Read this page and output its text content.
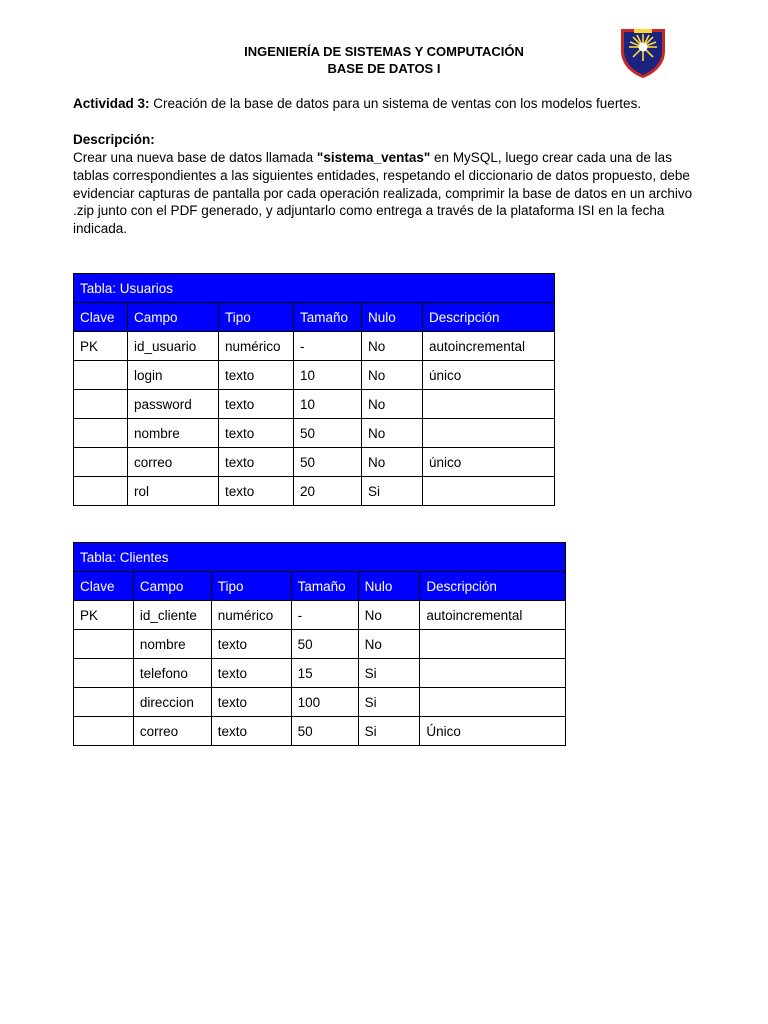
INGENIERÍA DE SISTEMAS Y COMPUTACIÓN
BASE DE DATOS I
Actividad 3: Creación de la base de datos para un sistema de ventas con los modelos fuertes.
Descripción:
Crear una nueva base de datos llamada "sistema_ventas" en MySQL, luego crear cada una de las tablas correspondientes a las siguientes entidades, respetando el diccionario de datos propuesto, debe evidenciar capturas de pantalla por cada operación realizada, comprimir la base de datos en un archivo .zip junto con el PDF generado, y adjuntarlo como entrega a través de la plataforma ISI en la fecha indicada.
Tabla: Usuarios					
Clave	Campo	Tipo	Tamaño	Nulo	Descripción
PK	id_usuario	numérico	-	No	autoincremental
	login	texto	10	No	único
	password	texto	10	No	
	nombre	texto	50	No	
	correo	texto	50	No	único
	rol	texto	20	Si	
Tabla: Clientes					
Clave	Campo	Tipo	Tamaño	Nulo	Descripción
PK	id_cliente	numérico	-	No	autoincremental
	nombre	texto	50	No	
	telefono	texto	15	Si	
	direccion	texto	100	Si	
	correo	texto	50	Si	Único
